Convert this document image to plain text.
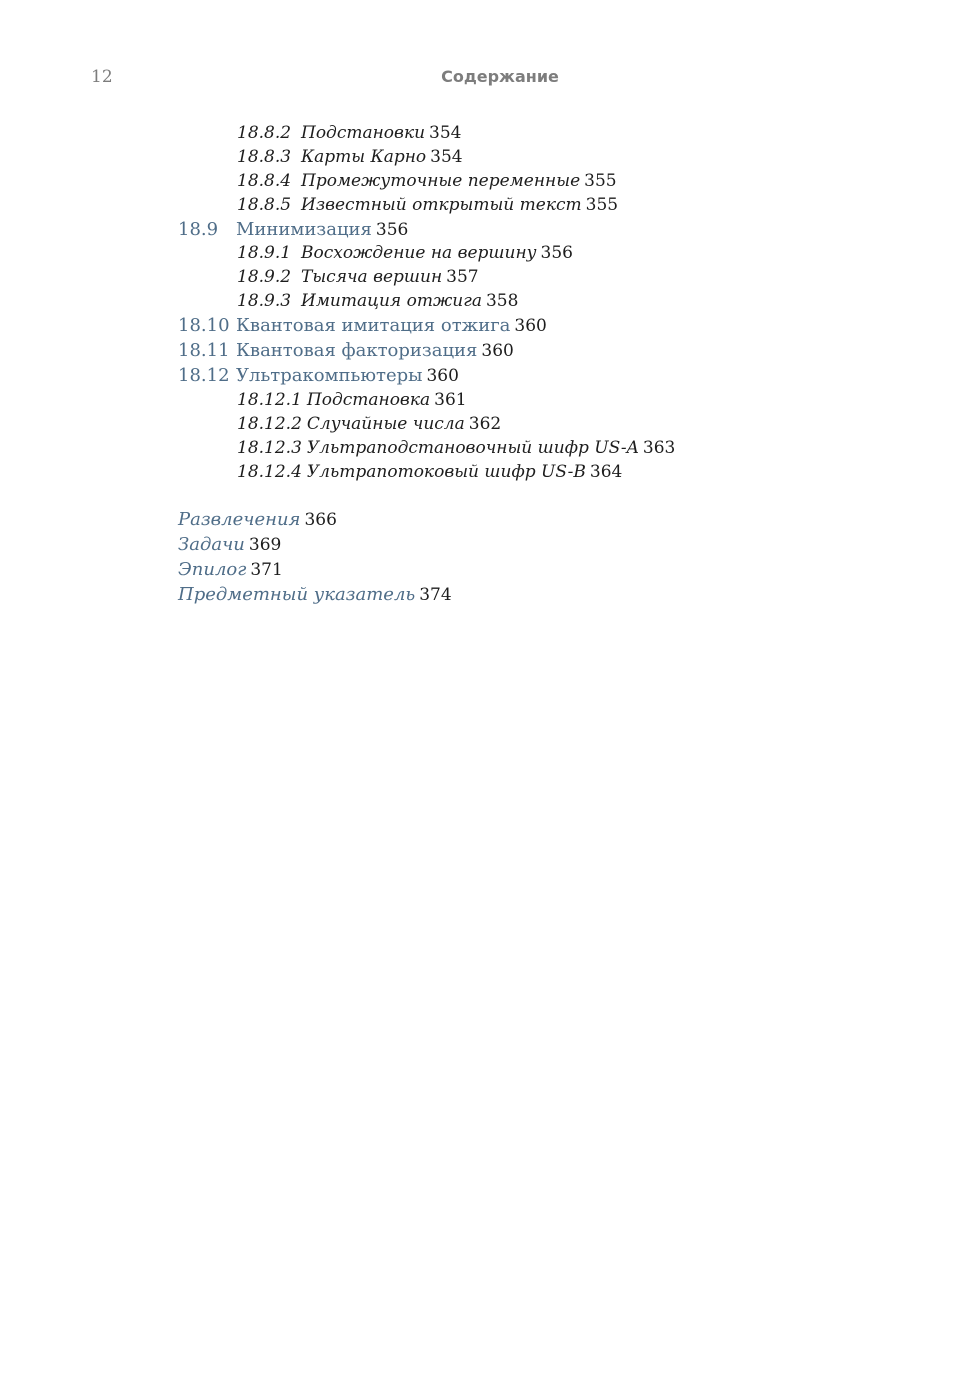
12	Содержание
18.8.2 Подстановки 354
18.8.3 Карты Карно 354
18.8.4 Промежуточные переменные 355
18.8.5 Известный открытый текст 355
18.9 Минимизация 356
18.9.1 Восхождение на вершину 356
18.9.2 Тысяча вершин 357
18.9.3 Имитация отжига 358
18.10 Квантовая имитация отжига 360
18.11 Квантовая факторизация 360
18.12 Ультракомпьютеры 360
18.12.1 Подстановка 361
18.12.2 Случайные числа 362
18.12.3 Ультраподстановочный шифр US-A 363
18.12.4 Ультрапотоковый шифр US-B 364
Развлечения 366
Задачи 369
Эпилог 371
Предметный указатель 374
